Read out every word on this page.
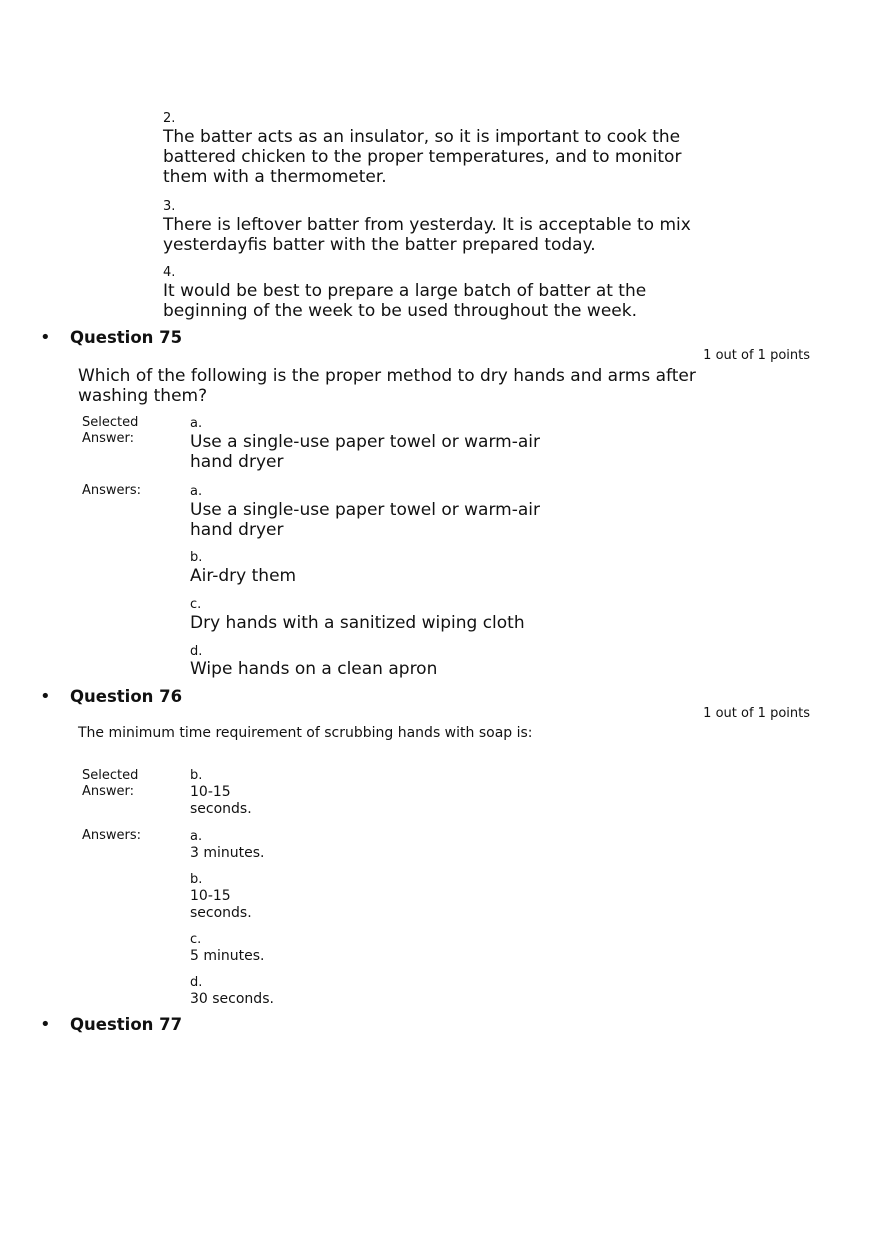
2.
The batter acts as an insulator, so it is important to cook the battered chicken to the proper temperatures, and to monitor them with a thermometer.
3.
There is leftover batter from yesterday. It is acceptable to mix yesterdayfis batter with the batter prepared today.
4.
It would be best to prepare a large batch of batter at the beginning of the week to be used throughout the week.
• Question 75
1 out of 1 points
Which of the following is the proper method to dry hands and arms after washing them?
Selected Answer:
a.
Use a single-use paper towel or warm-air hand dryer
Answers:	a.
Use a single-use paper towel or warm-air hand dryer
b.
Air-dry them
c.
Dry hands with a sanitized wiping cloth
d.
Wipe hands on a clean apron
• Question 76
1 out of 1 points
The minimum time requirement of scrubbing hands with soap is:
Selected Answer:
b.
10-15 seconds.
Answers:	a.
3 minutes.
b.
10-15 seconds.
c.
5 minutes.
d.
30 seconds.
• Question 77
